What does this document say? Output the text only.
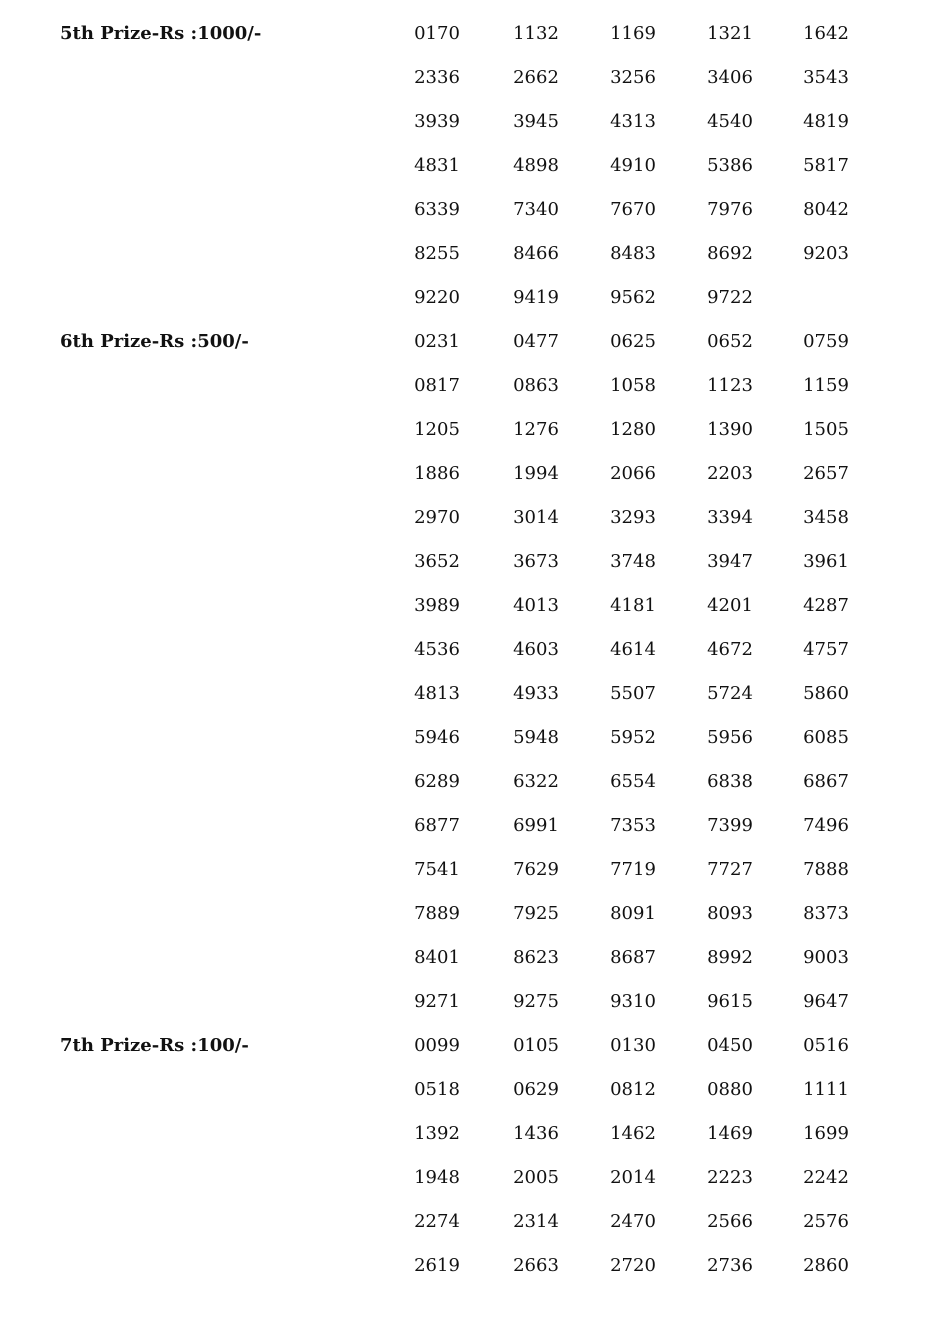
5th Prize-Rs :1000/-	0170	1132	1169	1321	1642
2336	2662	3256	3406	3543
3939	3945	4313	4540	4819
4831	4898	4910	5386	5817
6339	7340	7670	7976	8042
8255	8466	8483	8692	9203
9220	9419	9562	9722
6th Prize-Rs :500/-	0231	0477	0625	0652	0759
0817	0863	1058	1123	1159
1205	1276	1280	1390	1505
1886	1994	2066	2203	2657
2970	3014	3293	3394	3458
3652	3673	3748	3947	3961
3989	4013	4181	4201	4287
4536	4603	4614	4672	4757
4813	4933	5507	5724	5860
5946	5948	5952	5956	6085
6289	6322	6554	6838	6867
6877	6991	7353	7399	7496
7541	7629	7719	7727	7888
7889	7925	8091	8093	8373
8401	8623	8687	8992	9003
9271	9275	9310	9615	9647
7th Prize-Rs :100/-	0099	0105	0130	0450	0516
0518	0629	0812	0880	1111
1392	1436	1462	1469	1699
1948	2005	2014	2223	2242
2274	2314	2470	2566	2576
2619	2663	2720	2736	2860
